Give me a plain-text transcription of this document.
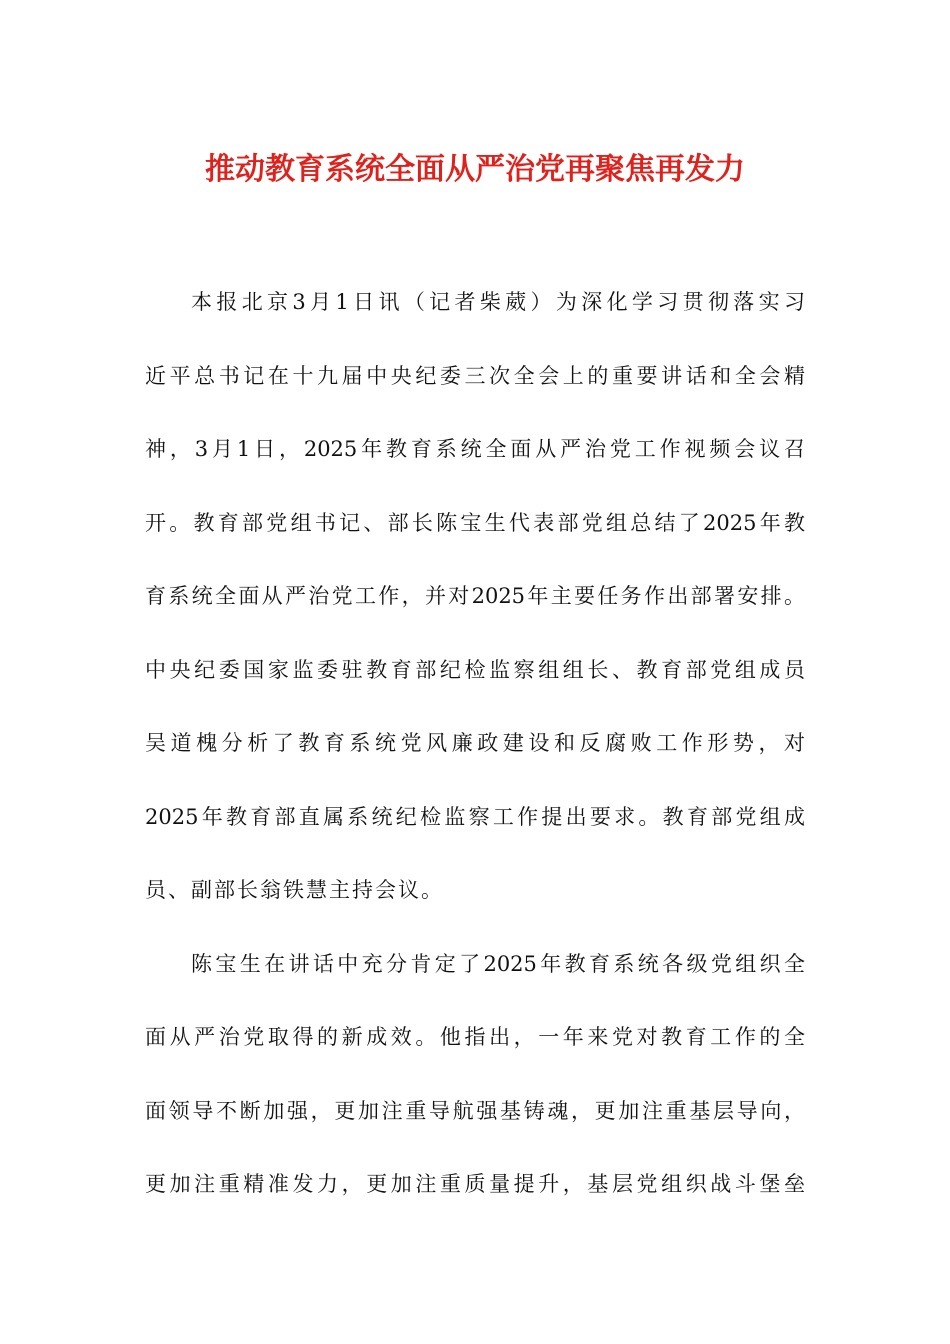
推动教育系统全面从严治党再聚焦再发力
本报北京3月1日讯（记者柴葳）为深化学习贯彻落实习
近平总书记在十九届中央纪委三次全会上的重要讲话和全会精
神，3月1日，2025年教育系统全面从严治党工作视频会议召
开。教育部党组书记、部长陈宝生代表部党组总结了2025年教
育系统全面从严治党工作，并对2025年主要任务作出部署安排。
中央纪委国家监委驻教育部纪检监察组组长、教育部党组成员
吴道槐分析了教育系统党风廉政建设和反腐败工作形势，对
2025年教育部直属系统纪检监察工作提出要求。教育部党组成
员、副部长翁铁慧主持会议。
陈宝生在讲话中充分肯定了2025年教育系统各级党组织全
面从严治党取得的新成效。他指出，一年来党对教育工作的全
面领导不断加强，更加注重导航强基铸魂，更加注重基层导向，
更加注重精准发力，更加注重质量提升，基层党组织战斗堡垒
